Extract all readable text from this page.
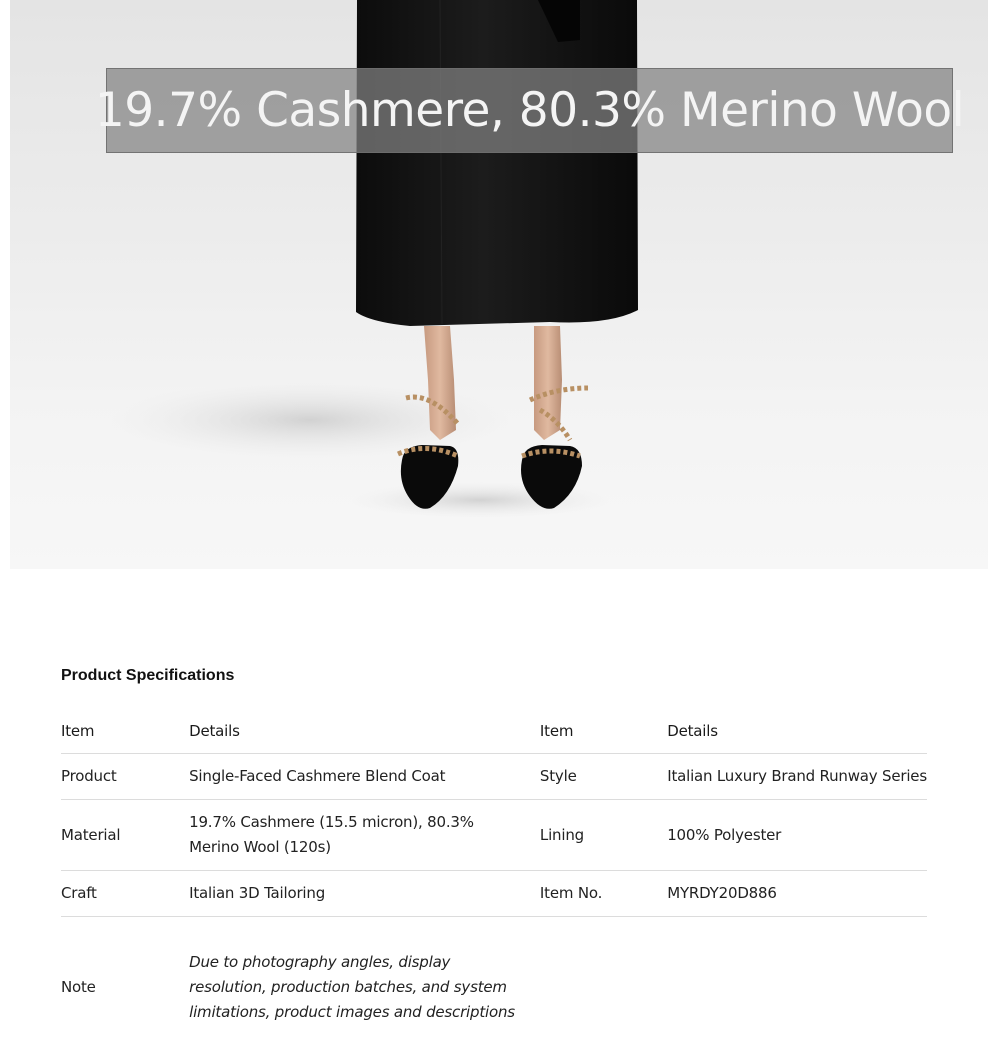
19.7% Cashmere, 80.3% Merino Wool
Product Specifications
Item	Details	Item	Details
Product	Single-Faced Cashmere Blend Coat	Style	Italian Luxury Brand Runway Series
Material	19.7% Cashmere (15.5 micron), 80.3% Merino Wool (120s)	Lining	100% Polyester
Craft	Italian 3D Tailoring	Item No.	MYRDY20D886
Note	Due to photography angles, display resolution, production batches, and system limitations, product images and descriptions		
